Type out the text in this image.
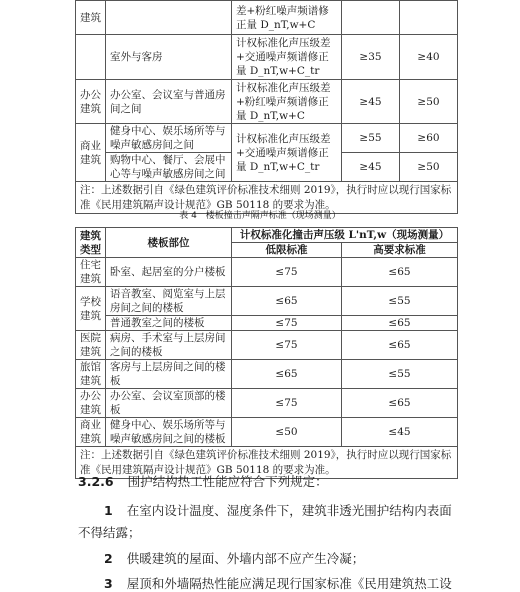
建筑		差+粉红噪声频谱修正量 D_nT,w+C		
	室外与客房	计权标准化声压级差+交通噪声频谱修正量 D_nT,w+C_tr	≥35	≥40
办公建筑	办公室、会议室与普通房间之间	计权标准化声压级差+粉红噪声频谱修正量 D_nT,w+C	≥45	≥50
商业建筑	健身中心、娱乐场所等与噪声敏感房间之间	计权标准化声压级差+交通噪声频谱修正量 D_nT,w+C_tr	≥55	≥60
	购物中心、餐厅、会展中心等与噪声敏感房间之间		≥45	≥50
注：上述数据引自《绿色建筑评价标准技术细则 2019》，执行时应以现行国家标准《民用建筑隔声设计规范》GB 50118 的要求为准。				
表 4　楼板撞击声隔声标准（现场测量）
建筑类型	楼板部位	计权标准化撞击声压级 L'nT,w（现场测量）	
		低限标准	高要求标准
住宅建筑	卧室、起居室的分户楼板	≤75	≤65
学校建筑	语音教室、阅览室与上层房间之间的楼板	≤65	≤55
	普通教室之间的楼板	≤75	≤65
医院建筑	病房、手术室与上层房间之间的楼板	≤75	≤65
旅馆建筑	客房与上层房间之间的楼板	≤65	≤55
办公建筑	办公室、会议室顶部的楼板	≤75	≤65
商业建筑	健身中心、娱乐场所等与噪声敏感房间之间的楼板	≤50	≤45
注：上述数据引自《绿色建筑评价标准技术细则 2019》，执行时应以现行国家标准《民用建筑隔声设计规范》GB 50118 的要求为准。			
3.2.6 围护结构热工性能应符合下列规定：
1 在室内设计温度、湿度条件下，建筑非透光围护结构内表面
不得结露；
2 供暖建筑的屋面、外墙内部不应产生冷凝；
3 屋顶和外墙隔热性能应满足现行国家标准《民用建筑热工设
